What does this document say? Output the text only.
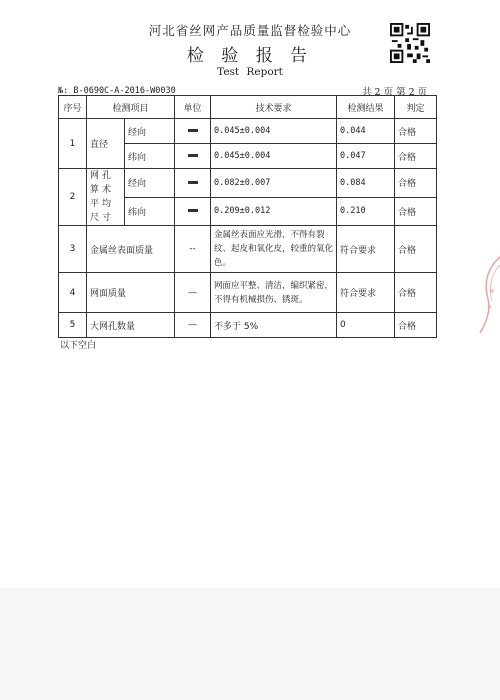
河北省丝网产品质量监督检验中心
检 验 报 告
Test Report
№: B-0690C-A-2016-W0030	共 2 页 第 2 页
序号	检测项目		单位	技术要求	检测结果	判定
1	直径	经向		0.045±0.004	0.044	合格
		纬向		0.045±0.004	0.047	合格
2	网孔算术平均尺寸	经向		0.082±0.007	0.084	合格
		纬向		0.209±0.012	0.210	合格
3	金属丝表面质量		--	金属丝表面应光滑，不得有裂纹、起皮和氧化皮，较重的氧化色。	符合要求	合格
4	网面质量		—	网面应平整、清洁，编织紧密，不得有机械损伤、锈斑。	符合要求	合格
5	大网孔数量		—	不多于 5%	0	合格
以下空白
